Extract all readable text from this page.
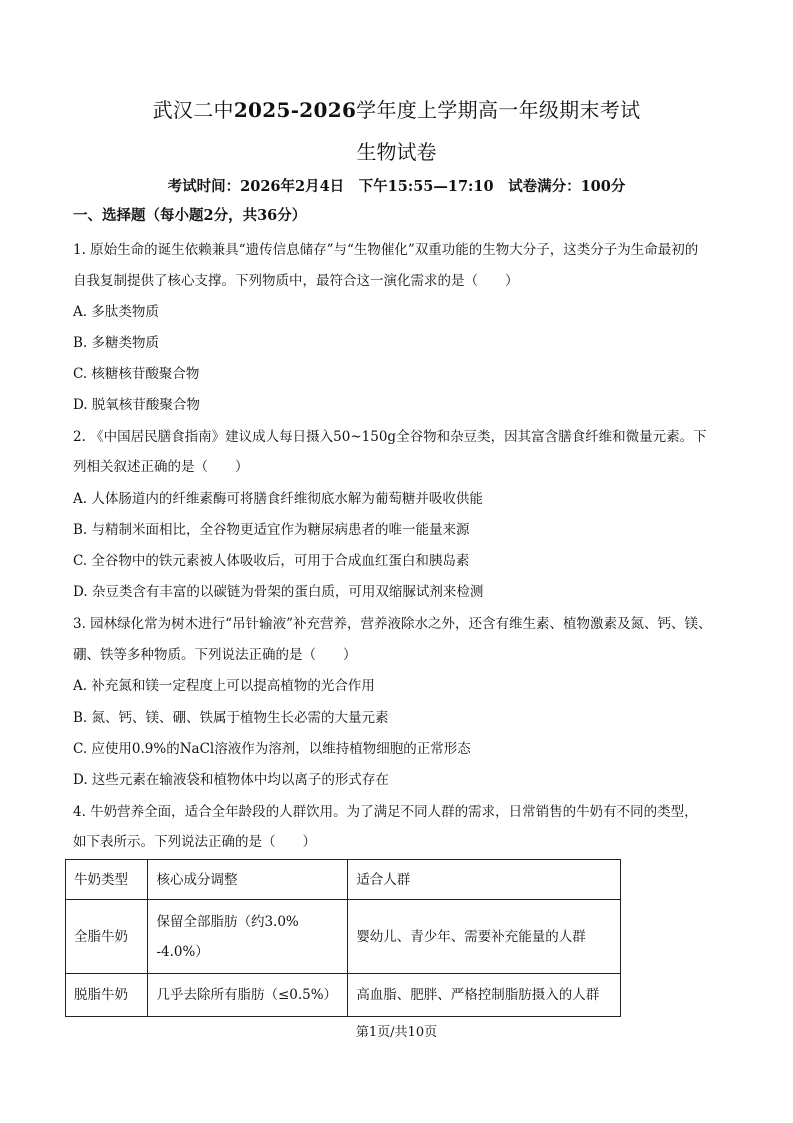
武汉二中2025-2026学年度上学期高一年级期末考试
生物试卷
考试时间：2026年2月4日　下午15:55—17:10　试卷满分：100分
一、选择题（每小题2分，共36分）
1. 原始生命的诞生依赖兼具“遗传信息储存”与“生物催化”双重功能的生物大分子，这类分子为生命最初的
自我复制提供了核心支撑。下列物质中，最符合这一演化需求的是（　　）
A. 多肽类物质
B. 多糖类物质
C. 核糖核苷酸聚合物
D. 脱氧核苷酸聚合物
2. 《中国居民膳食指南》建议成人每日摄入50~150g全谷物和杂豆类，因其富含膳食纤维和微量元素。下
列相关叙述正确的是（　　）
A. 人体肠道内的纤维素酶可将膳食纤维彻底水解为葡萄糖并吸收供能
B. 与精制米面相比，全谷物更适宜作为糖尿病患者的唯一能量来源
C. 全谷物中的铁元素被人体吸收后，可用于合成血红蛋白和胰岛素
D. 杂豆类含有丰富的以碳链为骨架的蛋白质，可用双缩脲试剂来检测
3. 园林绿化常为树木进行“吊针输液”补充营养，营养液除水之外，还含有维生素、植物激素及氮、钙、镁、
硼、铁等多种物质。下列说法正确的是（　　）
A. 补充氮和镁一定程度上可以提高植物的光合作用
B. 氮、钙、镁、硼、铁属于植物生长必需的大量元素
C. 应使用0.9%的NaCl溶液作为溶剂，以维持植物细胞的正常形态
D. 这些元素在输液袋和植物体中均以离子的形式存在
4. 牛奶营养全面，适合全年龄段的人群饮用。为了满足不同人群的需求，日常销售的牛奶有不同的类型，
如下表所示。下列说法正确的是（　　）
牛奶类型	核心成分调整	适合人群
全脂牛奶	保留全部脂肪（约3.0%
-4.0%）	婴幼儿、青少年、需要补充能量的人群
脱脂牛奶	几乎去除所有脂肪（≤0.5%）	高血脂、肥胖、严格控制脂肪摄入的人群
第1页/共10页
